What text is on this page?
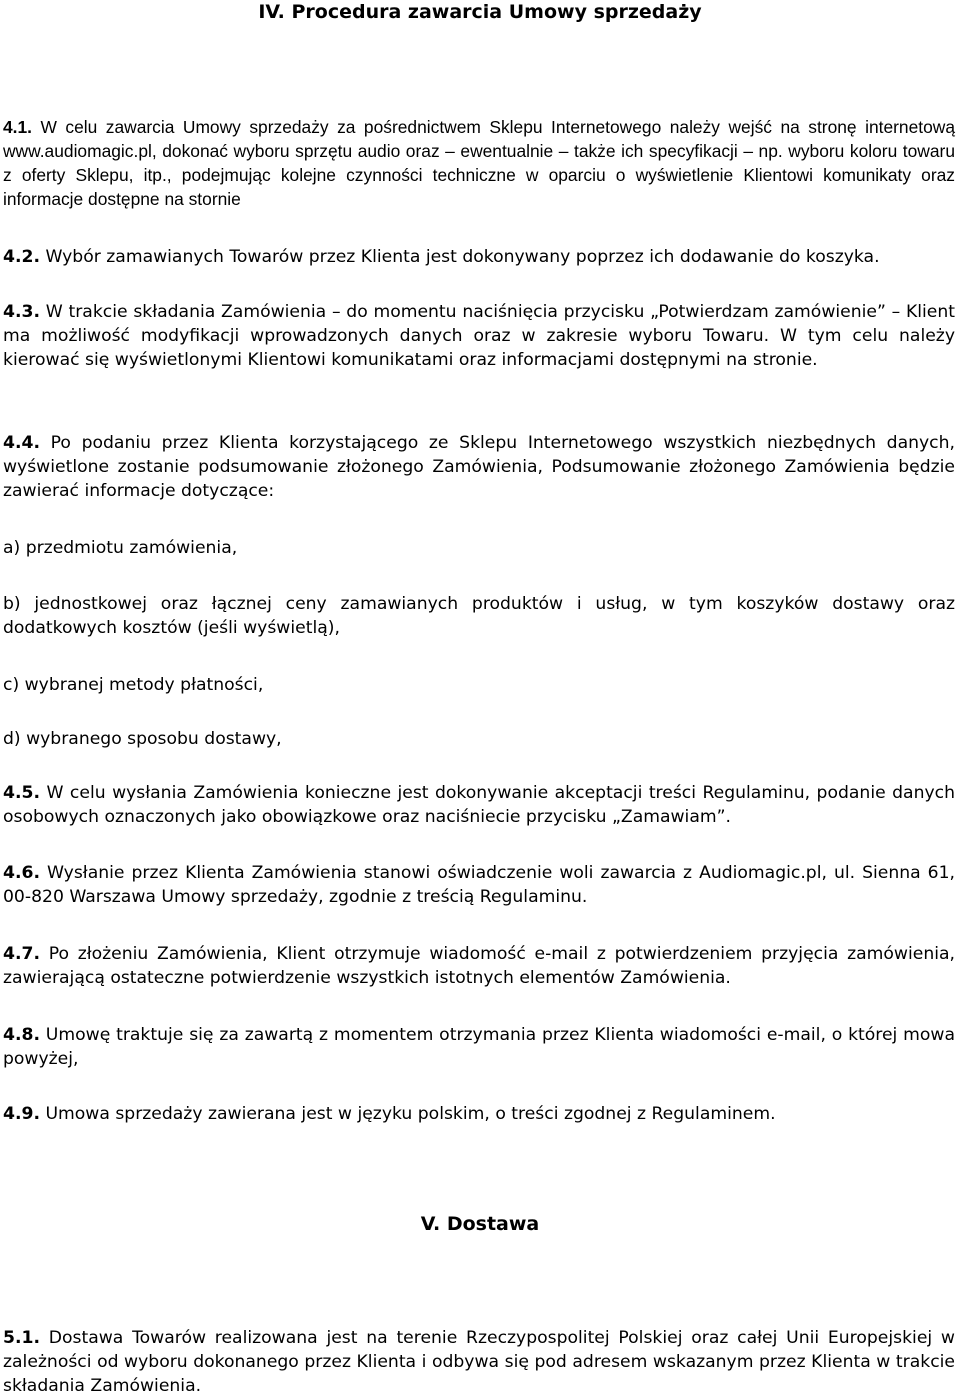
IV. Procedura zawarcia Umowy sprzedaży

4.1. W celu zawarcia Umowy sprzedaży za pośrednictwem Sklepu Internetowego należy wejść na stronę internetową www.audiomagic.pl, dokonać wyboru sprzętu audio oraz – ewentualnie – także ich specyfikacji – np. wyboru koloru towaru z oferty Sklepu, itp., podejmując kolejne czynności techniczne w oparciu o wyświetlenie Klientowi komunikaty oraz informacje dostępne na stornie

4.2. Wybór zamawianych Towarów przez Klienta jest dokonywany poprzez ich dodawanie do koszyka.

4.3. W trakcie składania Zamówienia – do momentu naciśnięcia przycisku „Potwierdzam zamówienie” – Klient ma możliwość modyfikacji wprowadzonych danych oraz w zakresie wyboru Towaru. W tym celu należy kierować się wyświetlonymi Klientowi komunikatami oraz informacjami dostępnymi na stronie.

4.4. Po podaniu przez Klienta korzystającego ze Sklepu Internetowego wszystkich niezbędnych danych, wyświetlone zostanie podsumowanie złożonego Zamówienia, Podsumowanie złożonego Zamówienia będzie zawierać informacje dotyczące:

a) przedmiotu zamówienia,

b) jednostkowej oraz łącznej ceny zamawianych produktów i usług, w tym koszyków dostawy oraz dodatkowych kosztów (jeśli wyświetlą),

c) wybranej metody płatności,

d) wybranego sposobu dostawy,

4.5. W celu wysłania Zamówienia konieczne jest dokonywanie akceptacji treści Regulaminu, podanie danych osobowych oznaczonych jako obowiązkowe oraz naciśniecie przycisku „Zamawiam”.

4.6. Wysłanie przez Klienta Zamówienia stanowi oświadczenie woli zawarcia z Audiomagic.pl, ul. Sienna 61, 00-820 Warszawa Umowy sprzedaży, zgodnie z treścią Regulaminu.

4.7. Po złożeniu Zamówienia, Klient otrzymuje wiadomość e-mail z potwierdzeniem przyjęcia zamówienia, zawierającą ostateczne potwierdzenie wszystkich istotnych elementów Zamówienia.

4.8. Umowę traktuje się za zawartą z momentem otrzymania przez Klienta wiadomości e-mail, o której mowa powyżej,

4.9. Umowa sprzedaży zawierana jest w języku polskim, o treści zgodnej z Regulaminem.

V. Dostawa

5.1. Dostawa Towarów realizowana jest na terenie Rzeczypospolitej Polskiej oraz całej Unii Europejskiej w zależności od wyboru dokonanego przez Klienta i odbywa się pod adresem wskazanym przez Klienta w trakcie składania Zamówienia.
